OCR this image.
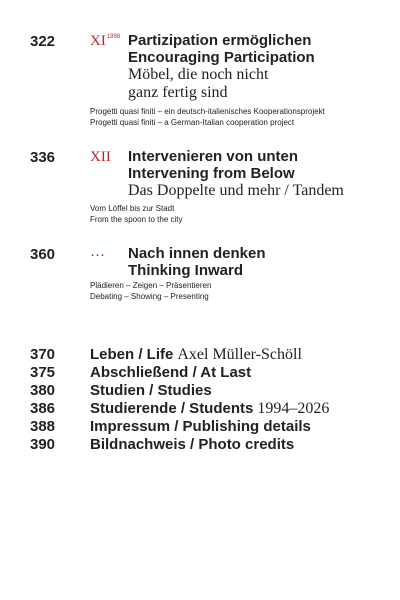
322 $XI^{1998}$ Partizipation ermöglichen
Encouraging Participation
Möbel, die noch nicht
ganz fertig sind
Progetti quasi finiti – ein deutsch-italienisches Kooperationsprojekt
Progetti quasi finiti – a German-Italian cooperation project
336 XII Intervenieren von unten
Intervening from Below
Das Doppelte und mehr / Tandem
Vom Löffel bis zur Stadt
From the spoon to the city
360 … Nach innen denken
Thinking Inward
Plädieren – Zeigen – Präsentieren
Debating – Showing – Presenting
370	Leben / Life Axel Müller-Schöll
375	Abschließend / At Last
380	Studien / Studies
386	Studierende / Students 1994–2026
388	Impressum / Publishing details
390	Bildnachweis / Photo credits
